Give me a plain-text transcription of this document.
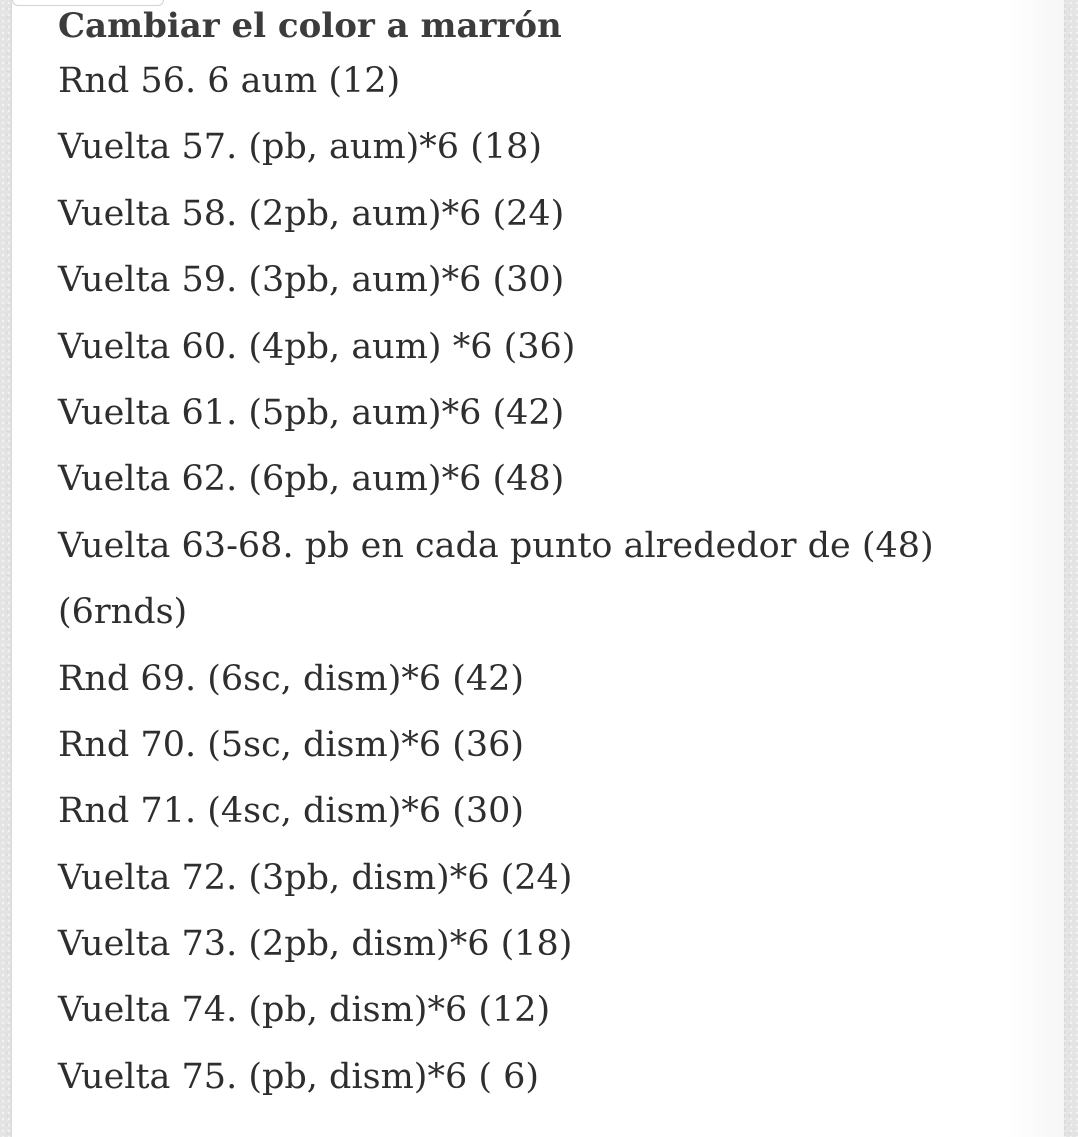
Cambiar el color a marrón
Rnd 56. 6 aum (12)
Vuelta 57. (pb, aum)*6 (18)
Vuelta 58. (2pb, aum)*6 (24)
Vuelta 59. (3pb, aum)*6 (30)
Vuelta 60. (4pb, aum) *6 (36)
Vuelta 61. (5pb, aum)*6 (42)
Vuelta 62. (6pb, aum)*6 (48)
Vuelta 63-68. pb en cada punto alrededor de (48)
(6rnds)
Rnd 69. (6sc, dism)*6 (42)
Rnd 70. (5sc, dism)*6 (36)
Rnd 71. (4sc, dism)*6 (30)
Vuelta 72. (3pb, dism)*6 (24)
Vuelta 73. (2pb, dism)*6 (18)
Vuelta 74. (pb, dism)*6 (12)
Vuelta 75. (pb, dism)*6 ( 6)
